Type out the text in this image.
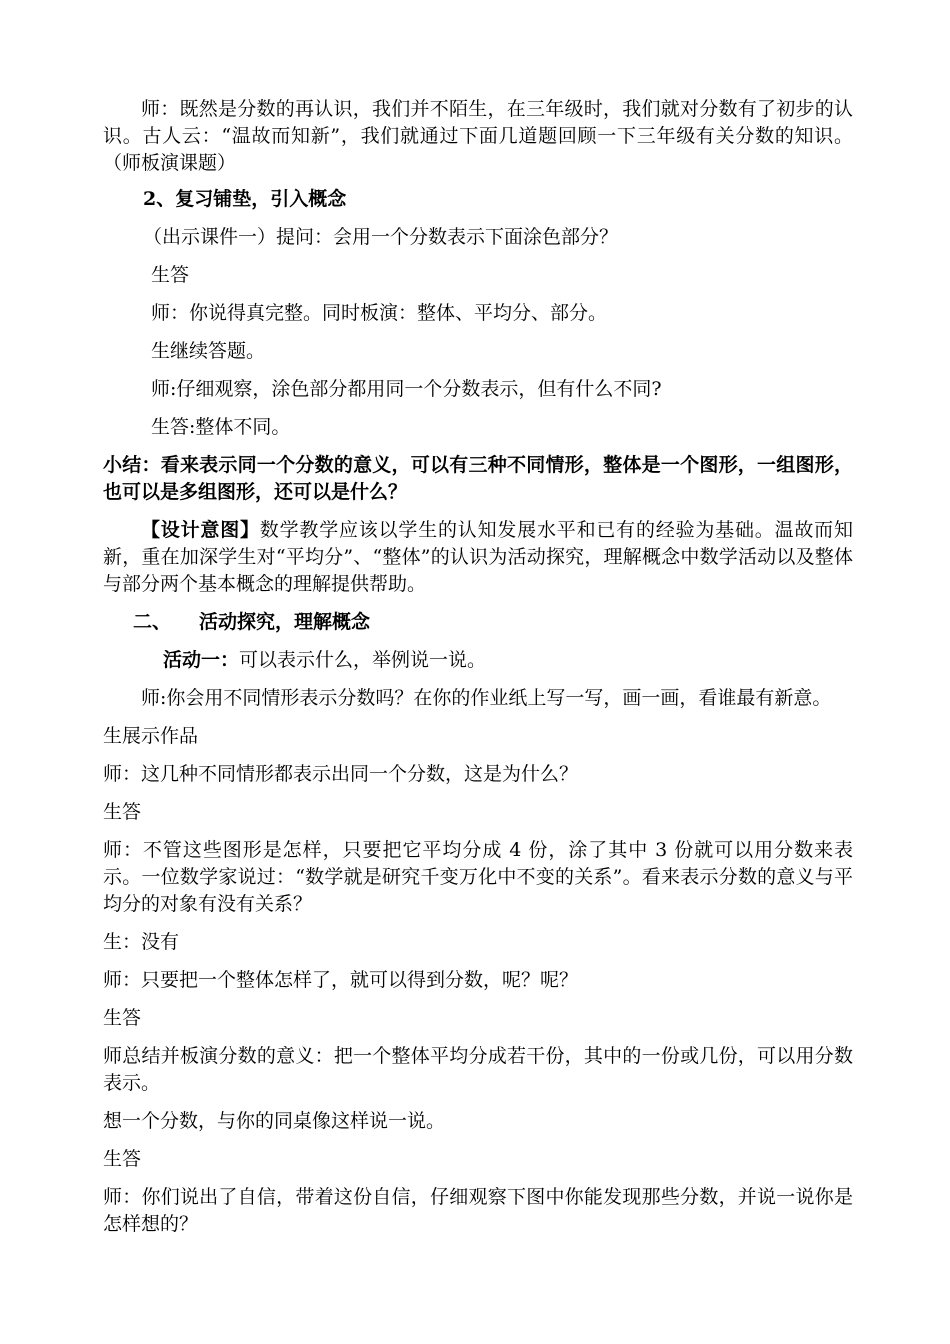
师：既然是分数的再认识，我们并不陌生，在三年级时，我们就对分数有了初步的认识。古人云：“温故而知新”，我们就通过下面几道题回顾一下三年级有关分数的知识。（师板演课题）

2、复习铺垫，引入概念

（出示课件一）提问：会用一个分数表示下面涂色部分？

生答

师：你说得真完整。同时板演：整体、平均分、部分。

生继续答题。

师:仔细观察，涂色部分都用同一个分数表示，但有什么不同?

生答:整体不同。

小结：看来表示同一个分数的意义，可以有三种不同情形，整体是一个图形，一组图形，也可以是多组图形，还可以是什么？

【设计意图】数学教学应该以学生的认知发展水平和已有的经验为基础。温故而知新，重在加深学生对“平均分”、“整体”的认识为活动探究，理解概念中数学活动以及整体与部分两个基本概念的理解提供帮助。

二、 活动探究，理解概念

活动一：可以表示什么，举例说一说。

师:你会用不同情形表示分数吗？在你的作业纸上写一写，画一画，看谁最有新意。

生展示作品

师：这几种不同情形都表示出同一个分数，这是为什么？

生答

师：不管这些图形是怎样，只要把它平均分成 4 份，涂了其中 3 份就可以用分数来表示。一位数学家说过：“数学就是研究千变万化中不变的关系”。看来表示分数的意义与平均分的对象有没有关系？

生：没有

师：只要把一个整体怎样了，就可以得到分数，呢？呢？

生答

师总结并板演分数的意义：把一个整体平均分成若干份，其中的一份或几份，可以用分数表示。

想一个分数，与你的同桌像这样说一说。

生答

师：你们说出了自信，带着这份自信，仔细观察下图中你能发现那些分数，并说一说你是怎样想的？
